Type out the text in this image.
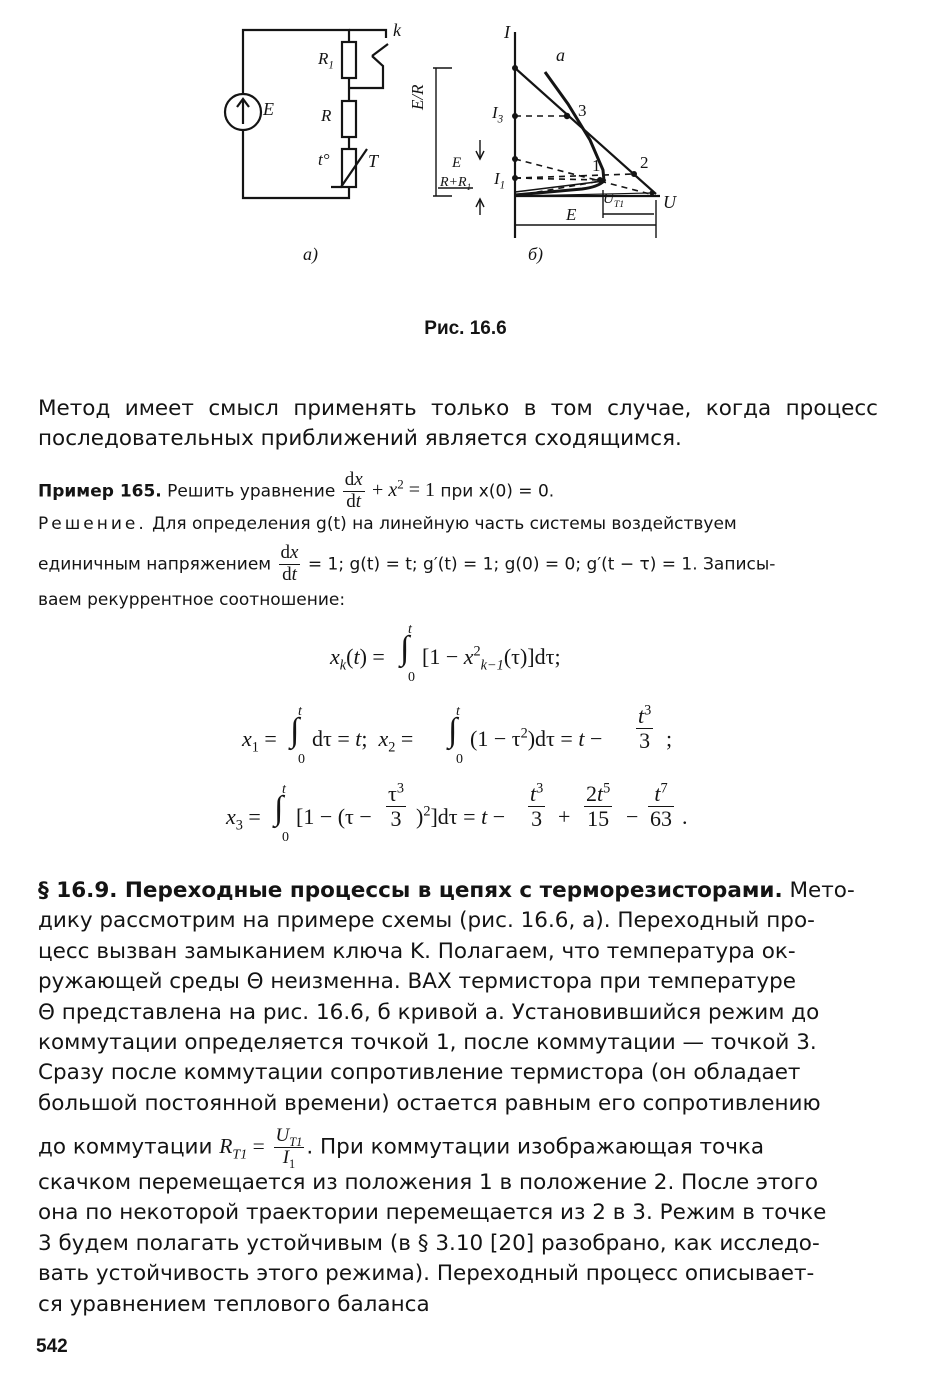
E
$R_1$
R
k
t° T
I
U
a
3
1 2
$I_3$
$I_1$
E/R
E
$R+R_1$
E
$U_{T1}$
a)	б)
Рис. 16.6
Метод имеет смысл применять только в том случае, когда процесс последовательных приближений является сходящимся.
Пример 165. Решить уравнение $\frac{dx}{dt} + x^2 = 1$ при x(0) = 0.
Решение. Для определения g(t) на линейную часть системы воздействуем
единичным напряжением $\frac{dx}{dt} = 1$; g(t) = t; g′(t) = 1; g(0) = 0; g′(t − τ) = 1. Записы-
ваем рекуррентное соотношение:
$x_k(t)$ = ∫
t
0
$[1 - x^2_{k-1}(\tau)]d\tau$;
$x_1$ = ∫
t
0
dτ = t;  $x_2$ = ∫
t
0
$(1 - \tau^2)d\tau = t - \frac{t^3}{3}$ ;
$x_3$ = ∫
t
0
$[1 - (\tau - \frac{\tau^3}{3} )^2]d\tau = t - \frac{t^3}{3} + \frac{2t^5}{15} - \frac{t^7}{63}$ .
§ 16.9. Переходные процессы в цепях с терморезисторами. Мето-
дику рассмотрим на примере схемы (рис. 16.6, a). Переходный про-
цесс вызван замыканием ключа K. Полагаем, что температура ок-
ружающей среды Θ неизменна. ВАХ термистора при температуре
Θ представлена на рис. 16.6, б кривой a. Установившийся режим до
коммутации определяется точкой 1, после коммутации — точкой 3.
Сразу после коммутации сопротивление термистора (он обладает
большой постоянной времени) остается равным его сопротивлению
до коммутации $R_{T1} = \frac{U_{T1}}{I_1}$ . При коммутации изображающая точка
скачком перемещается из положения 1 в положение 2. После этого
она по некоторой траектории перемещается из 2 в 3. Режим в точке
3 будем полагать устойчивым (в § 3.10 [20] разобрано, как исследо-
вать устойчивость этого режима). Переходный процесс описывает-
ся уравнением теплового баланса
542
